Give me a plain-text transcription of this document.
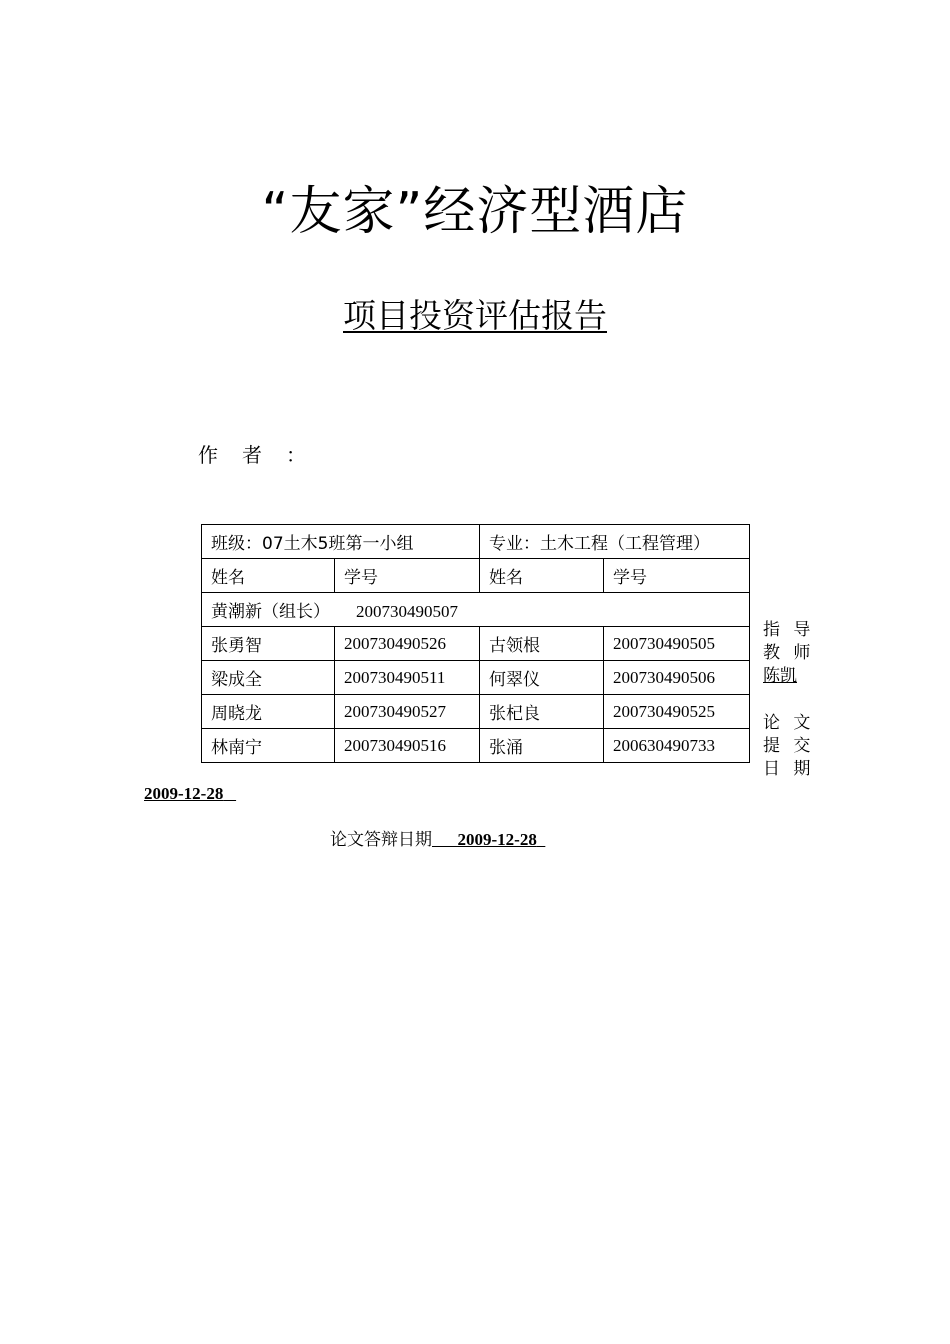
“友家”经济型酒店
项目投资评估报告
作 者 ：
班级：07土木5班第一小组		专业：土木工程（工程管理）	
姓名	学号	姓名	学号
黄潮新（组长） 200730490507			
张勇智	200730490526	古领根	200730490505
梁成全	200730490511	何翠仪	200730490506
周晓龙	200730490527	张杞良	200730490525
林南宁	200730490516	张涌	200630490733
指 导
教 师
陈凯
论 文
提 交
日 期
2009-12-28
论文答辩日期 2009-12-28
